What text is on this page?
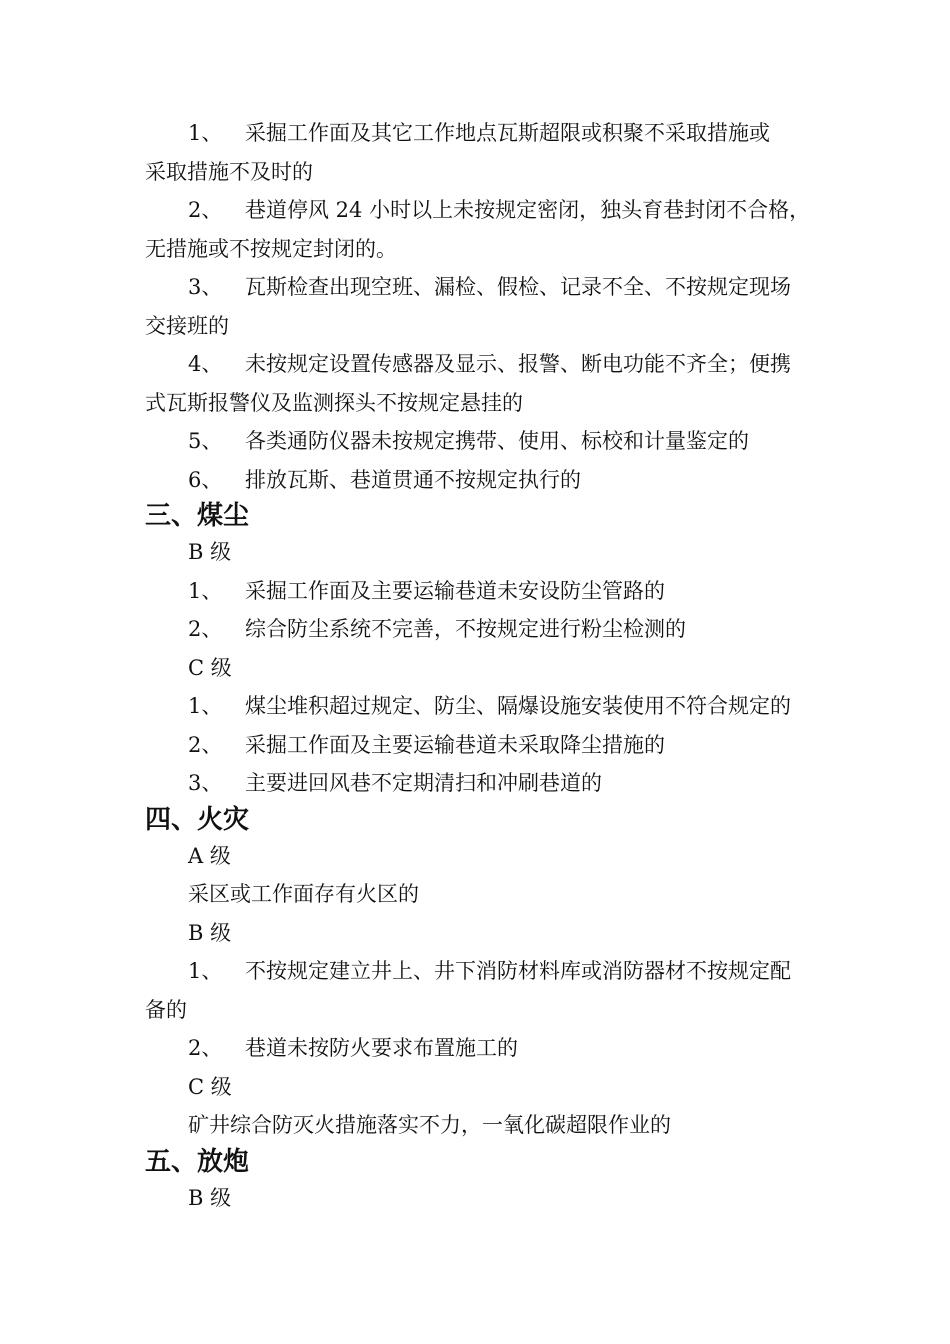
1、 采掘工作面及其它工作地点瓦斯超限或积聚不采取措施或

采取措施不及时的

2、 巷道停风 24 小时以上未按规定密闭，独头育巷封闭不合格，

无措施或不按规定封闭的。

3、 瓦斯检查出现空班、漏检、假检、记录不全、不按规定现场

交接班的

4、 未按规定设置传感器及显示、报警、断电功能不齐全；便携

式瓦斯报警仪及监测探头不按规定悬挂的

5、 各类通防仪器未按规定携带、使用、标校和计量鉴定的

6、 排放瓦斯、巷道贯通不按规定执行的

三、煤尘

B 级

1、 采掘工作面及主要运输巷道未安设防尘管路的

2、 综合防尘系统不完善，不按规定进行粉尘检测的

C 级

1、 煤尘堆积超过规定、防尘、隔爆设施安装使用不符合规定的

2、 采掘工作面及主要运输巷道未采取降尘措施的

3、 主要进回风巷不定期清扫和冲刷巷道的

四、火灾

A 级

采区或工作面存有火区的

B 级

1、 不按规定建立井上、井下消防材料库或消防器材不按规定配

备的

2、 巷道未按防火要求布置施工的

C 级

矿井综合防灭火措施落实不力，一氧化碳超限作业的

五、放炮

B 级
